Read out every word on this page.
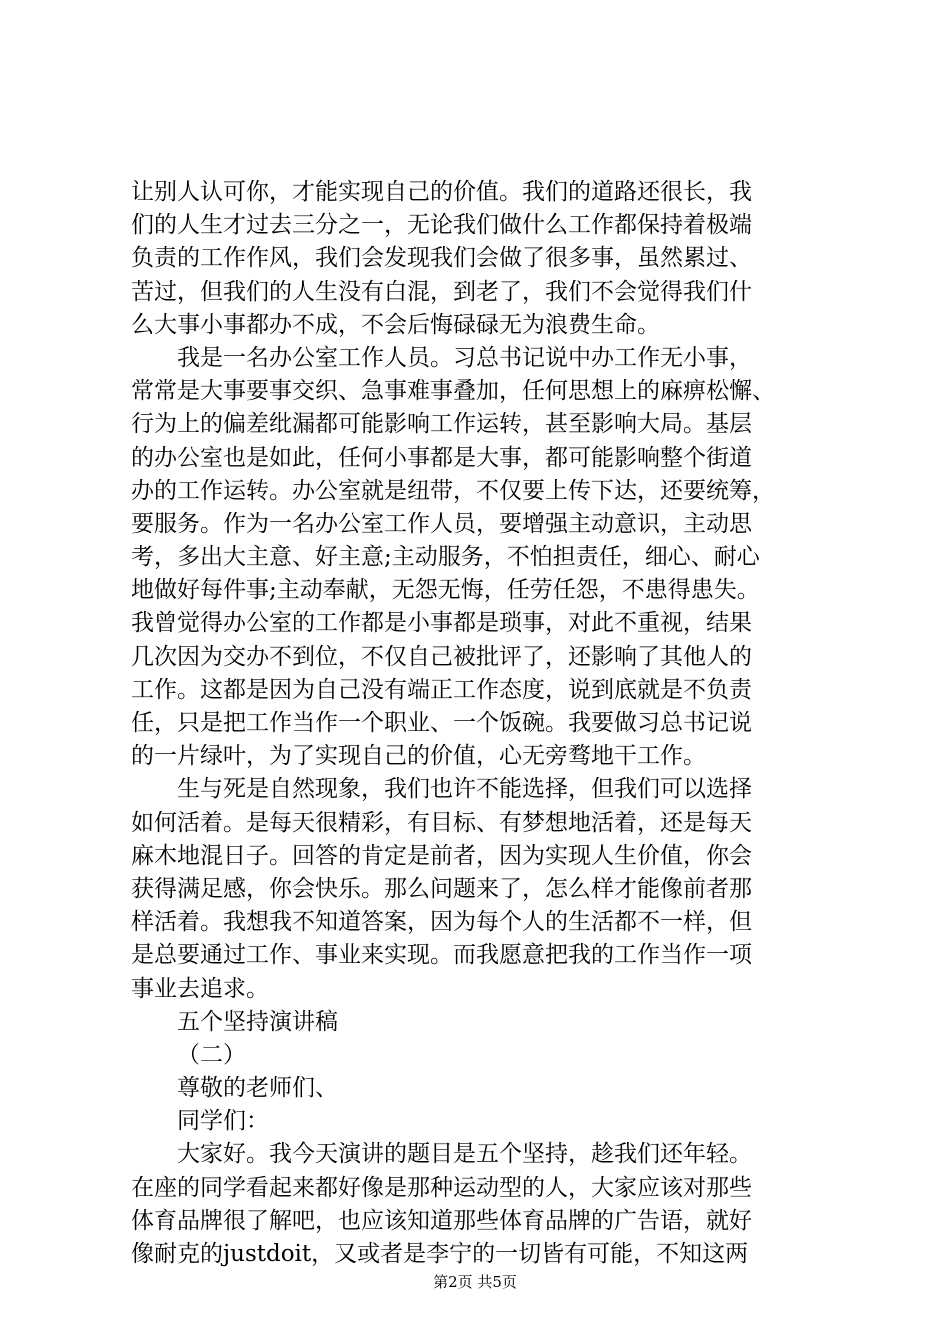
让别人认可你，才能实现自己的价值。我们的道路还很长，我
们的人生才过去三分之一，无论我们做什么工作都保持着极端
负责的工作作风，我们会发现我们会做了很多事，虽然累过、
苦过，但我们的人生没有白混，到老了，我们不会觉得我们什
么大事小事都办不成，不会后悔碌碌无为浪费生命。
我是一名办公室工作人员。习总书记说中办工作无小事，
常常是大事要事交织、急事难事叠加，任何思想上的麻痹松懈、
行为上的偏差纰漏都可能影响工作运转，甚至影响大局。基层
的办公室也是如此，任何小事都是大事，都可能影响整个街道
办的工作运转。办公室就是纽带，不仅要上传下达，还要统筹，
要服务。作为一名办公室工作人员，要增强主动意识，主动思
考，多出大主意、好主意;主动服务，不怕担责任，细心、耐心
地做好每件事;主动奉献，无怨无悔，任劳任怨，不患得患失。
我曾觉得办公室的工作都是小事都是琐事，对此不重视，结果
几次因为交办不到位，不仅自己被批评了，还影响了其他人的
工作。这都是因为自己没有端正工作态度，说到底就是不负责
任，只是把工作当作一个职业、一个饭碗。我要做习总书记说
的一片绿叶，为了实现自己的价值，心无旁骛地干工作。
生与死是自然现象，我们也许不能选择，但我们可以选择
如何活着。是每天很精彩，有目标、有梦想地活着，还是每天
麻木地混日子。回答的肯定是前者，因为实现人生价值，你会
获得满足感，你会快乐。那么问题来了，怎么样才能像前者那
样活着。我想我不知道答案，因为每个人的生活都不一样，但
是总要通过工作、事业来实现。而我愿意把我的工作当作一项
事业去追求。
五个坚持演讲稿
（二）
尊敬的老师们、
同学们：
大家好。我今天演讲的题目是五个坚持，趁我们还年轻。
在座的同学看起来都好像是那种运动型的人，大家应该对那些
体育品牌很了解吧，也应该知道那些体育品牌的广告语，就好
像耐克的justdoit，又或者是李宁的一切皆有可能，不知这两
第2页 共5页
